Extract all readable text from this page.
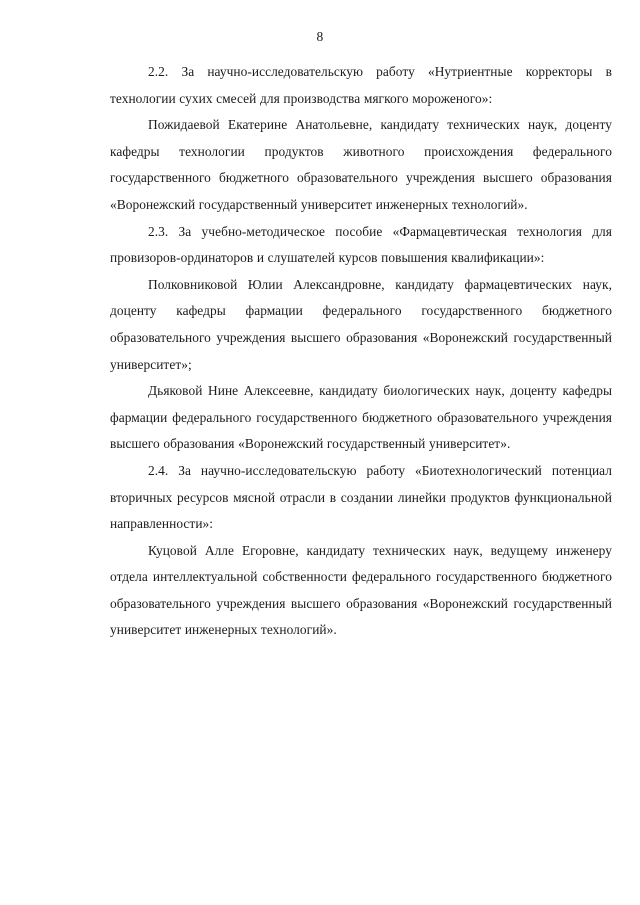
8

2.2. За научно-исследовательскую работу «Нутриентные корректоры в технологии сухих смесей для производства мягкого мороженого»:

Пожидаевой Екатерине Анатольевне, кандидату технических наук, доценту кафедры технологии продуктов животного происхождения федерального государственного бюджетного образовательного учреждения высшего образования «Воронежский государственный университет инженерных технологий».

2.3. За учебно-методическое пособие «Фармацевтическая технология для провизоров-ординаторов и слушателей курсов повышения квалификации»:

Полковниковой Юлии Александровне, кандидату фармацевтических наук, доценту кафедры фармации федерального государственного бюджетного образовательного учреждения высшего образования «Воронежский государственный университет»;

Дьяковой Нине Алексеевне, кандидату биологических наук, доценту кафедры фармации федерального государственного бюджетного образовательного учреждения высшего образования «Воронежский государственный университет».

2.4. За научно-исследовательскую работу «Биотехнологический потенциал вторичных ресурсов мясной отрасли в создании линейки продуктов функциональной направленности»:

Куцовой Алле Егоровне, кандидату технических наук, ведущему инженеру отдела интеллектуальной собственности федерального государственного бюджетного образовательного учреждения высшего образования «Воронежский государственный университет инженерных технологий».
